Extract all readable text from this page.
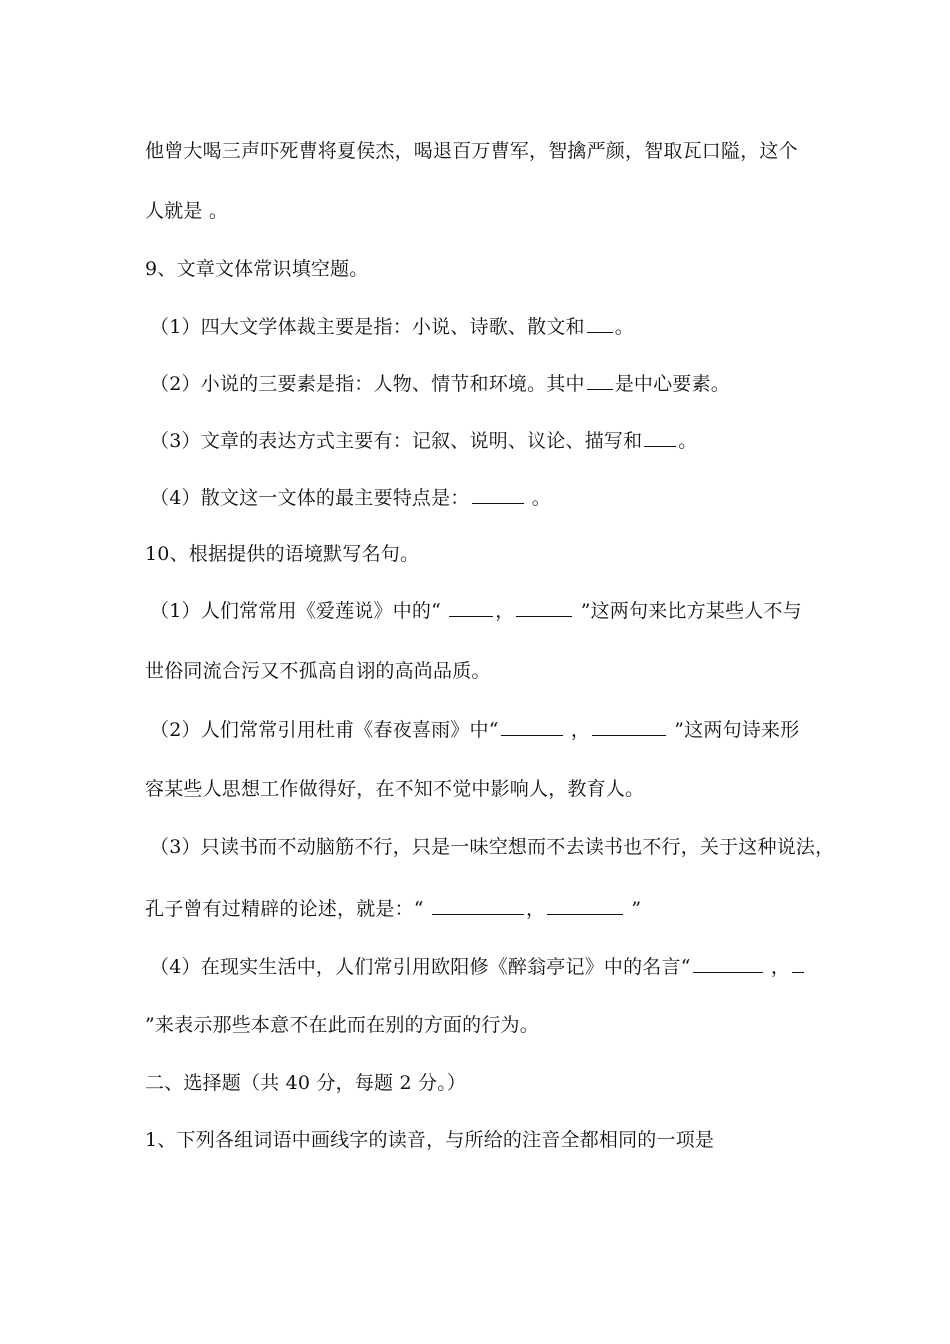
他曾大喝三声吓死曹将夏侯杰，喝退百万曹军，智擒严颜，智取瓦口隘，这个
人就是 。
9、文章文体常识填空题。
（1）四大文学体裁主要是指：小说、诗歌、散文和 。
（2）小说的三要素是指：人物、情节和环境。其中 是中心要素。
（3）文章的表达方式主要有：记叙、说明、议论、描写和 。
（4）散文这一文体的最主要特点是：	。
10、根据提供的语境默写名句。
（1）人们常常用《爱莲说》中的“	，	”这两句来比方某些人不与
世俗同流合污又不孤高自诩的高尚品质。
（2）人们常常引用杜甫《春夜喜雨》中“	，	”这两句诗来形
容某些人思想工作做得好，在不知不觉中影响人，教育人。
（3）只读书而不动脑筋不行，只是一味空想而不去读书也不行，关于这种说法，
孔子曾有过精辟的论述，就是：“	，	”
（4）在现实生活中，人们常引用欧阳修《醉翁亭记》中的名言“	，
”来表示那些本意不在此而在别的方面的行为。
二、选择题（共 40 分，每题 2 分。）
1、下列各组词语中画线字的读音，与所给的注音全都相同的一项是
